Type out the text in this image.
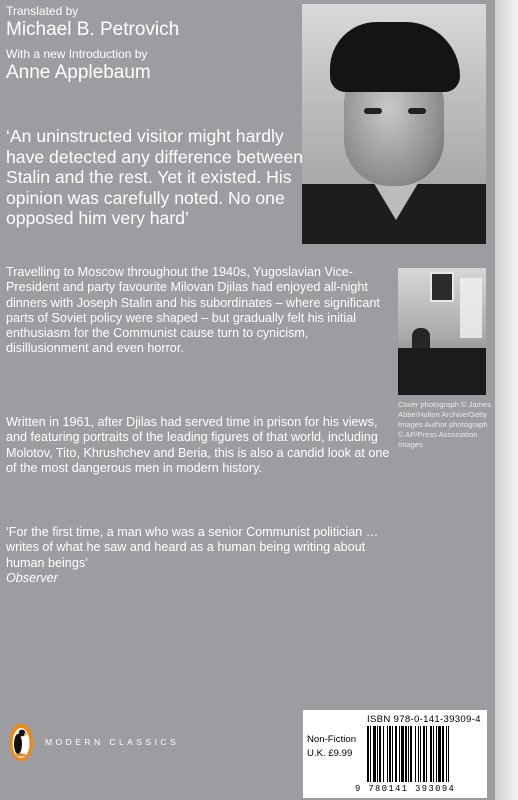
Translated by
Michael B. Petrovich
With a new Introduction by
Anne Applebaum

‘An uninstructed visitor might hardly have detected any difference between Stalin and the rest. Yet it existed. His opinion was carefully noted. No one opposed him very hard’

Travelling to Moscow throughout the 1940s, Yugoslavian Vice-President and party favourite Milovan Djilas had enjoyed all-night dinners with Joseph Stalin and his subordinates – where significant parts of Soviet policy were shaped – but gradually felt his initial enthusiasm for the Communist cause turn to cynicism, disillusionment and even horror.

Written in 1961, after Djilas had served time in prison for his views, and featuring portraits of the leading figures of that world, including Molotov, Tito, Khrushchev and Beria, this is also a candid look at one of the most dangerous men in modern history.

‘For the first time, a man who was a senior Communist politician … writes of what he saw and heard as a human being writing about human beings’
Observer

Cover photograph © James Abbe/Hulton Archive/Getty Images Author photograph © AP/Press Association Images

MODERN CLASSICS

ISBN 978-0-141-39309-4
Non-Fiction
U.K. £9.99
9 780141 393094
